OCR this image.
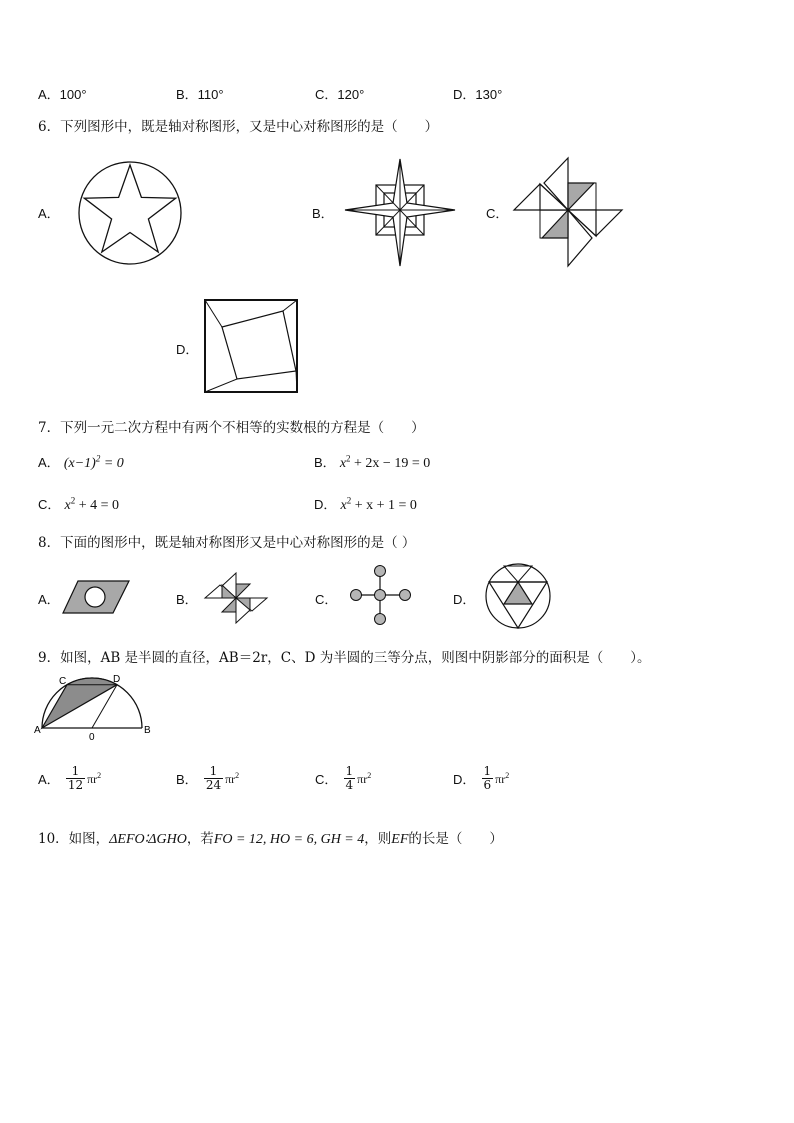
A．100°	B．110°	C．120°	D．130°
6．下列图形中，既是轴对称图形，又是中心对称图形的是（　　）
A．	B．	C．
D．
7．下列一元二次方程中有两个不相等的实数根的方程是（　　）
A． $(x-1)^2 = 0$	B． $x^2 + 2x - 19 = 0$
C． $x^2 + 4 = 0$	D． $x^2 + x + 1 = 0$
8．下面的图形中，既是轴对称图形又是中心对称图形的是（ ）
A．	B．	C．	D．
9．如图，AB 是半圆的直径，AB＝2r，C、D 为半圆的三等分点，则图中阴影部分的面积是（　　）。
A	B
C	D
0
A． $\frac{1}{12} \pi r^2$	B． $\frac{1}{24} \pi r^2$	C． $\frac{1}{4} \pi r^2$	D． $\frac{1}{6} \pi r^2$
10．如图，ΔEFO∶ΔGHO，若FO = 12, HO = 6, GH = 4，则EF的长是（　　）
